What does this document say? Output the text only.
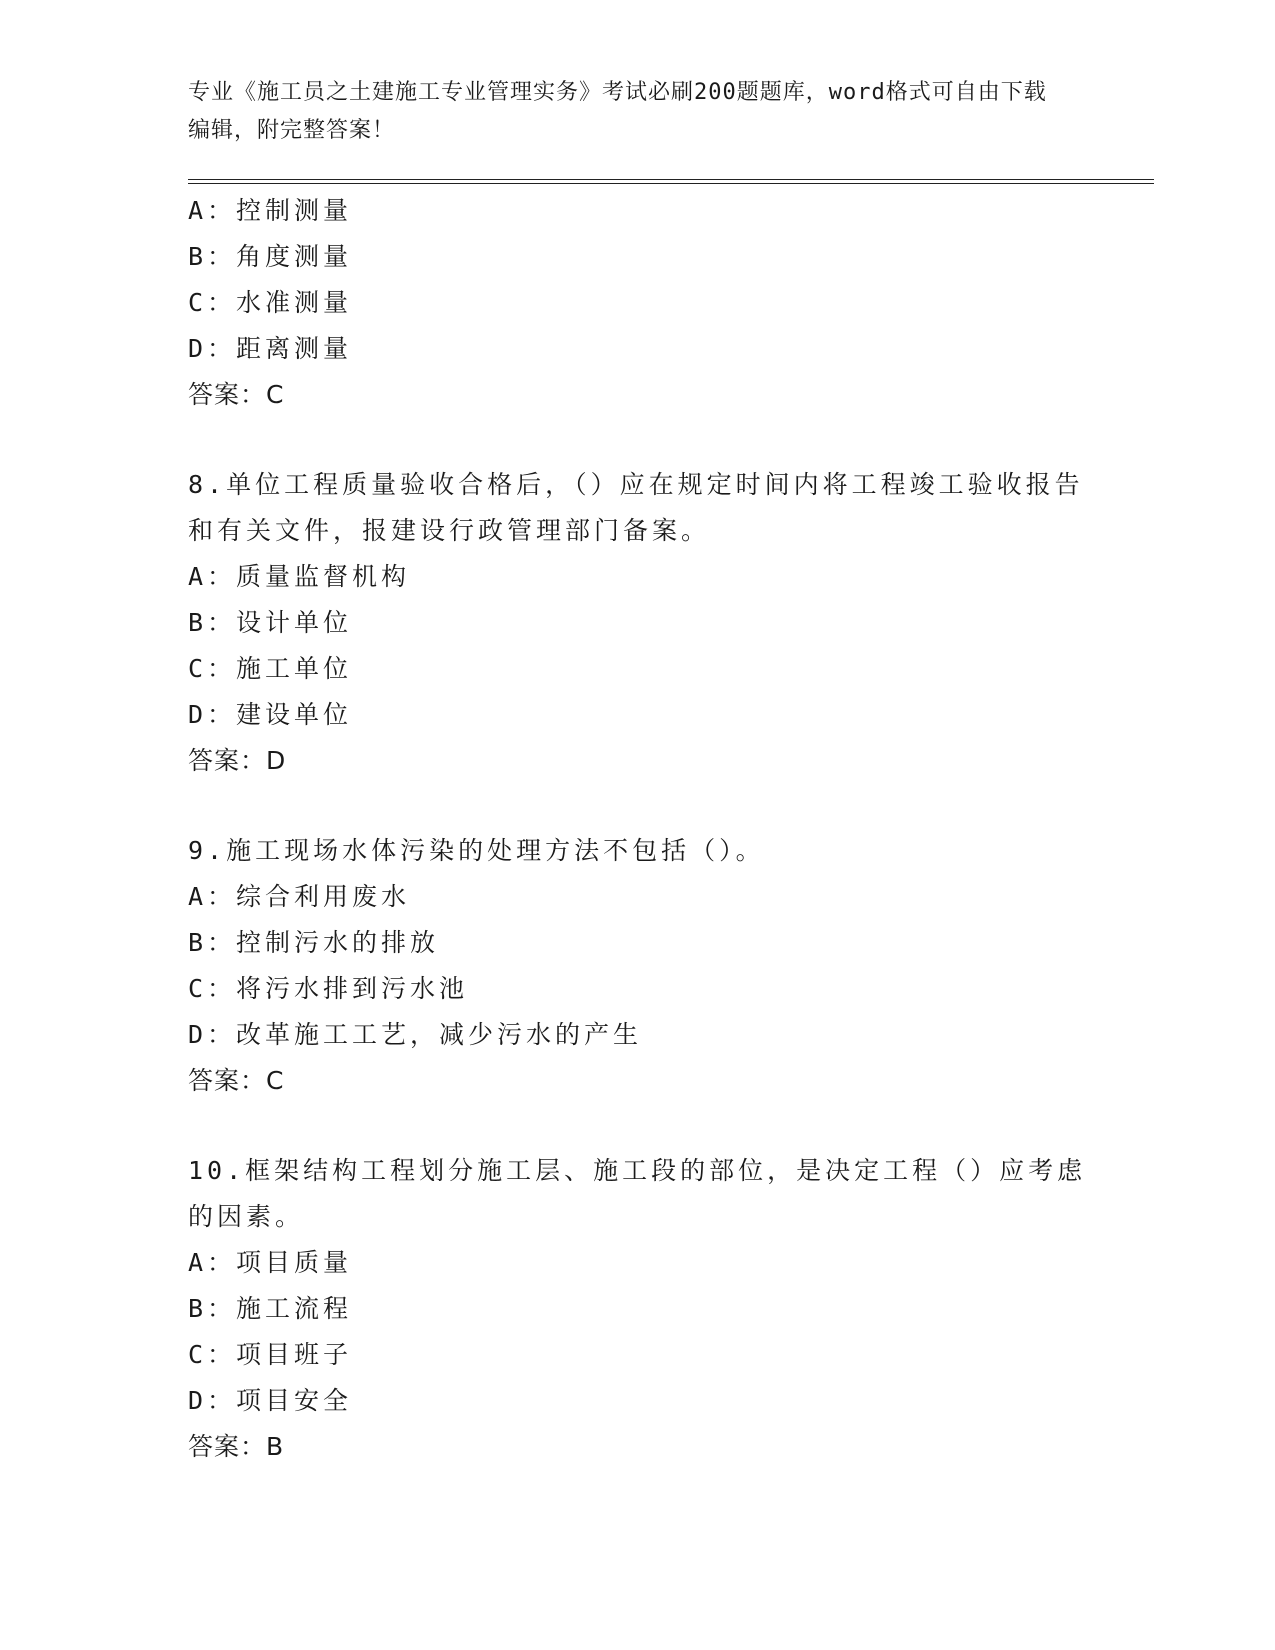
专业《施工员之土建施工专业管理实务》考试必刷200题题库，word格式可自由下载编辑，附完整答案！
A：控制测量
B：角度测量
C：水准测量
D：距离测量
答案：C
8.单位工程质量验收合格后，（）应在规定时间内将工程竣工验收报告和有关文件，报建设行政管理部门备案。
A：质量监督机构
B：设计单位
C：施工单位
D：建设单位
答案：D
9.施工现场水体污染的处理方法不包括（）。
A：综合利用废水
B：控制污水的排放
C：将污水排到污水池
D：改革施工工艺，减少污水的产生
答案：C
10.框架结构工程划分施工层、施工段的部位，是决定工程（）应考虑的因素。
A：项目质量
B：施工流程
C：项目班子
D：项目安全
答案：B
